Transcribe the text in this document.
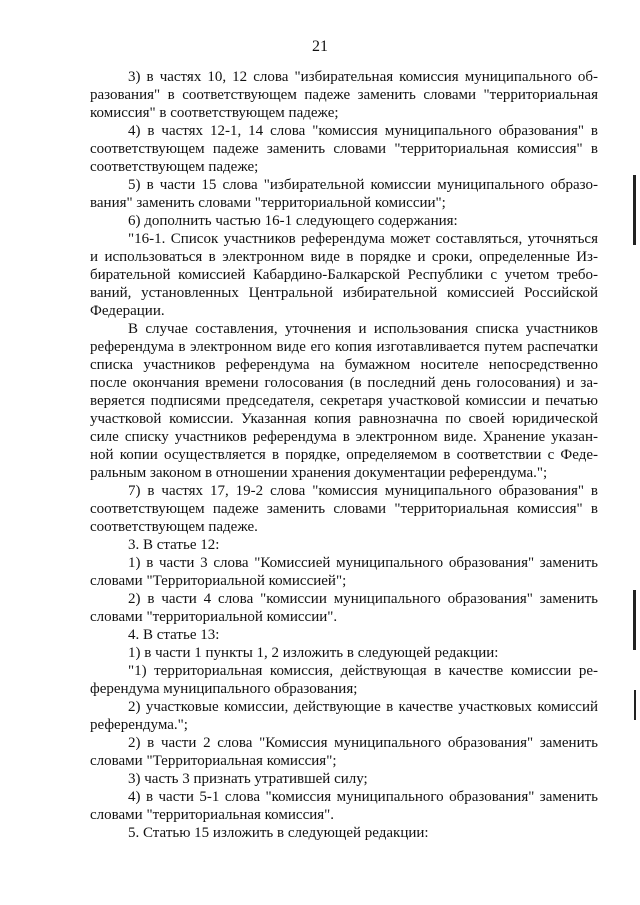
21

3) в частях 10, 12 слова "избирательная комиссия муниципального образования" в соответствующем падеже заменить словами "территориальная комиссия" в соответствующем падеже;

4) в частях 12-1, 14 слова "комиссия муниципального образования" в соответствующем падеже заменить словами "территориальная комиссия" в соответствующем падеже;

5) в части 15 слова "избирательной комиссии муниципального образования" заменить словами "территориальной комиссии";

6) дополнить частью 16-1 следующего содержания:

"16-1. Список участников референдума может составляться, уточняться и использоваться в электронном виде в порядке и сроки, определенные Избирательной комиссией Кабардино-Балкарской Республики с учетом требований, установленных Центральной избирательной комиссией Российской Федерации.

В случае составления, уточнения и использования списка участников референдума в электронном виде его копия изготавливается путем распечатки списка участников референдума на бумажном носителе непосредственно после окончания времени голосования (в последний день голосования) и заверяется подписями председателя, секретаря участковой комиссии и печатью участковой комиссии. Указанная копия равнозначна по своей юридической силе списку участников референдума в электронном виде. Хранение указанной копии осуществляется в порядке, определяемом в соответствии с Федеральным законом в отношении хранения документации референдума.";

7) в частях 17, 19-2 слова "комиссия муниципального образования" в соответствующем падеже заменить словами "территориальная комиссия" в соответствующем падеже.

3. В статье 12:

1) в части 3 слова "Комиссией муниципального образования" заменить словами "Территориальной комиссией";

2) в части 4 слова "комиссии муниципального образования" заменить словами "территориальной комиссии".

4. В статье 13:

1) в части 1 пункты 1, 2 изложить в следующей редакции:

"1) территориальная комиссия, действующая в качестве комиссии референдума муниципального образования;

2) участковые комиссии, действующие в качестве участковых комиссий референдума.";

2) в части 2 слова "Комиссия муниципального образования" заменить словами "Территориальная комиссия";

3) часть 3 признать утратившей силу;

4) в части 5-1 слова "комиссия муниципального образования" заменить словами "территориальная комиссия".

5. Статью 15 изложить в следующей редакции:
